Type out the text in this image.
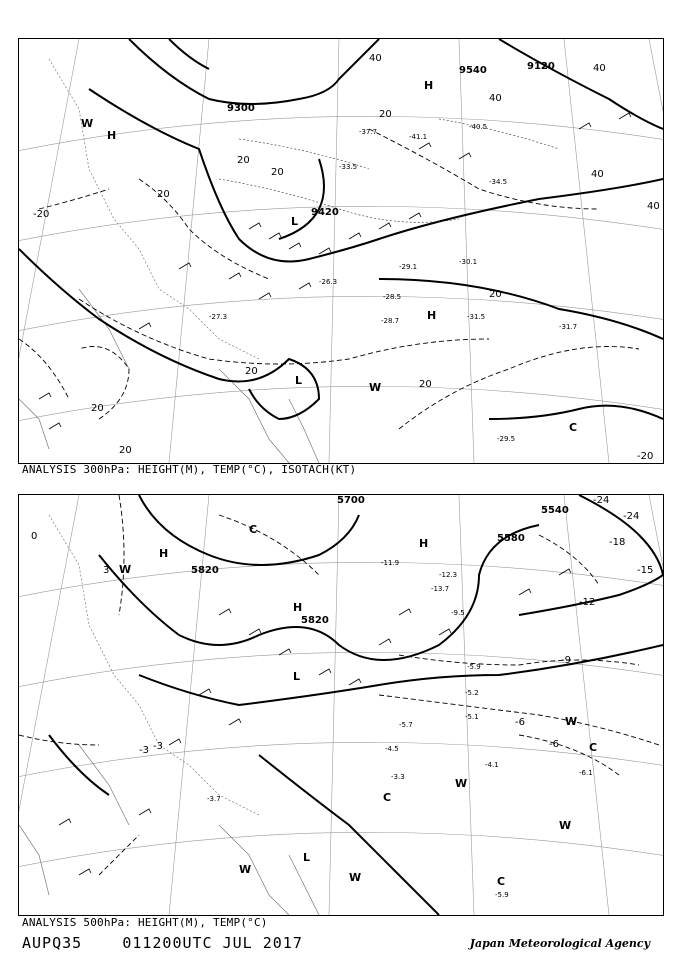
9300
9420
9540	9120
H
H
H
L
L
C
W
W
40
40
20
20
20
20
20
40
40
40
-20
20
20
20
20
-20
-28.5
-31.5
-31.7
-29.5
-29.1
-30.1
-28.7
-26.3
-27.3
-33.5
-34.5
-40.5
-41.1
-37.7
ANALYSIS 300hPa: HEIGHT(M), TEMP(°C), ISOTACH(KT)
5700
5820
5580
5540
5820
H
H
H
L
L
C
C
C
C
W
W
W
W
W
W
-24
-24
-18
-15
-12
-9
-6
-6
-3
0
3
-3
-11.9
-12.3
-13.7
-9.5
-5.9
-5.2
-5.1
-4.5
-3.3
-4.1
-6.1
-5.9
-5.7
-3.7
ANALYSIS 500hPa: HEIGHT(M), TEMP(°C)
AUPQ35	011200UTC JUL 2017	Japan Meteorological Agency
